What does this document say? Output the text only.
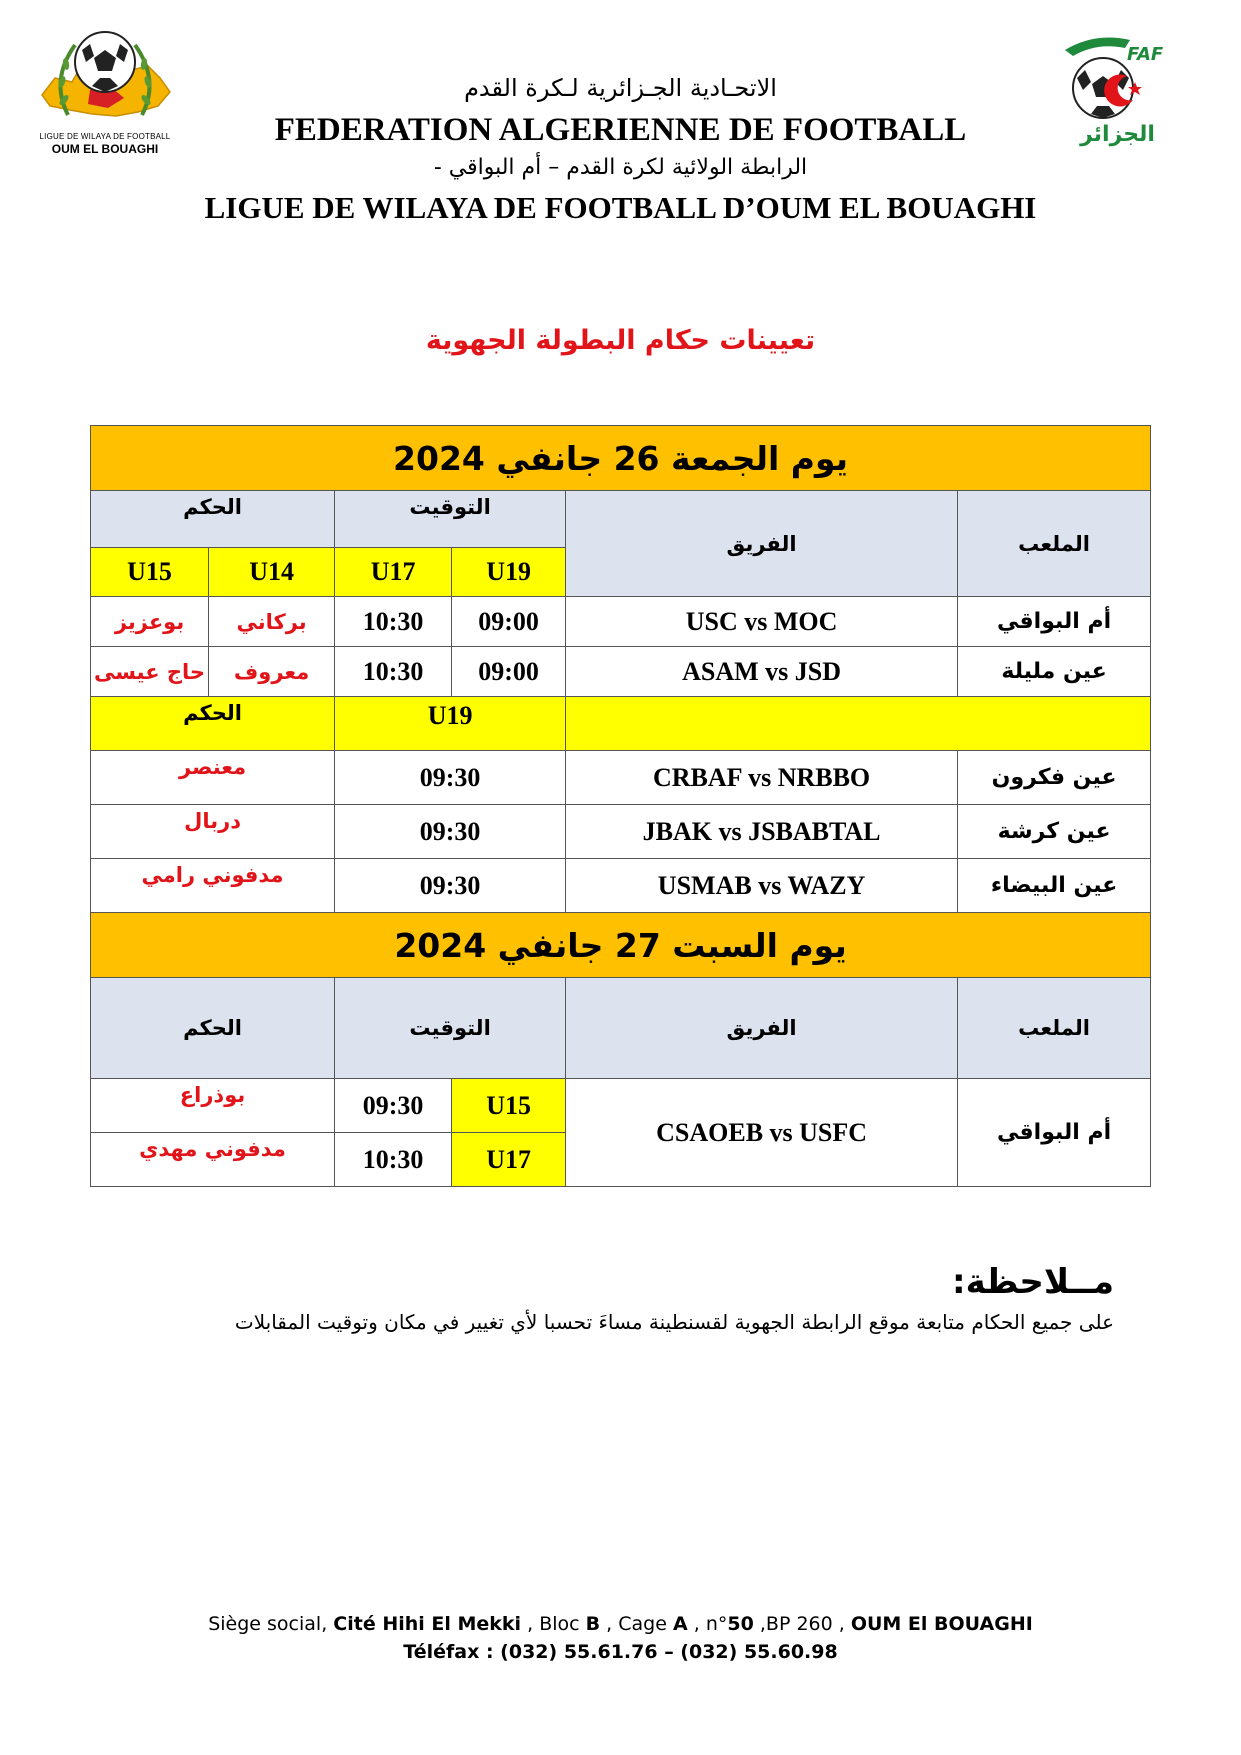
LIGUE DE WILAYA DE FOOTBALL
OUM EL BOUAGHI
FAF
الجزائر
الاتحـادية الجـزائرية لـكرة القدم
FEDERATION ALGERIENNE DE FOOTBALL
الرابطة الولائية لكرة القدم – أم البواقي -
LIGUE DE WILAYA DE FOOTBALL D’OUM EL BOUAGHI
تعيينات حكام البطولة الجهوية
يوم الجمعة 26 جانفي 2024					
الملعب	الفريق	التوقيت		الحكم	
		U19	U17	U14	U15
أم البواقي	USC vs MOC	09:00	10:30	بركاني	بوعزيز
عين مليلة	ASAM vs JSD	09:00	10:30	معروف	حاج عيسى
		U19		الحكم	
عين فكرون	CRBAF vs NRBBO	09:30		معنصر	
عين كرشة	JBAK vs JSBABTAL	09:30		دربال	
عين البيضاء	USMAB vs WAZY	09:30		مدفوني رامي	
يوم السبت 27 جانفي 2024					
الملعب	الفريق	التوقيت		الحكم	
أم البواقي	CSAOEB vs USFC	U15	09:30	بوذراع	
		U17	10:30	مدفوني مهدي	
مــلاحظة:
على جميع الحكام متابعة موقع الرابطة الجهوية لقسنطينة مساءَ تحسبا لأي تغيير في مكان وتوقيت المقابلات
Siège social, Cité Hihi El Mekki , Bloc B , Cage A , n°50 ,BP 260 , OUM El BOUAGHI
Téléfax : (032) 55.61.76 – (032) 55.60.98
